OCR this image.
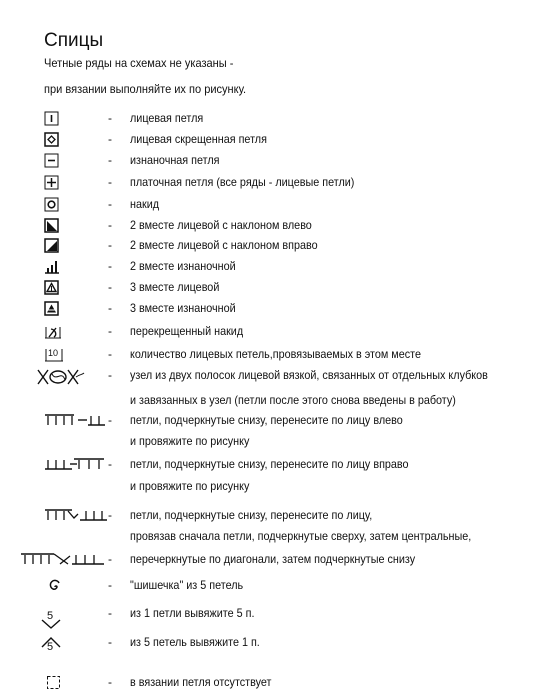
Спицы
Четные ряды на схемах не указаны -
при вязании выполняйте их по рисунку.
- лицевая петля
- лицевая скрещенная петля
- изнаночная петля
- платочная петля (все ряды - лицевые петли)
- накид
- 2 вместе лицевой с наклоном влево
- 2 вместе лицевой с наклоном вправо
- 2 вместе изнаночной
- 3 вместе лицевой
- 3 вместе изнаночной
- перекрещенный накид
10	- количество лицевых петель,провязываемых в этом месте
- узел из двух полосок лицевой вязкой, связанных от отдельных клубков
и завязанных в узел (петли после этого снова введены в работу)
- петли, подчеркнутые снизу, перенесите по лицу влево
и провяжите по рисунку
- петли, подчеркнутые снизу, перенесите по лицу вправо
и провяжите по рисунку
- петли, подчеркнутые снизу, перенесите по лицу,
провязав сначала петли, подчеркнутые сверху, затем центральные,
- перечеркнутые по диагонали, затем подчеркнутые снизу
- "шишечка" из 5 петель
5	- из 1 петли вывяжите 5 п.
5	- из 5 петель вывяжите 1 п.
- в вязании петля отсутствует
